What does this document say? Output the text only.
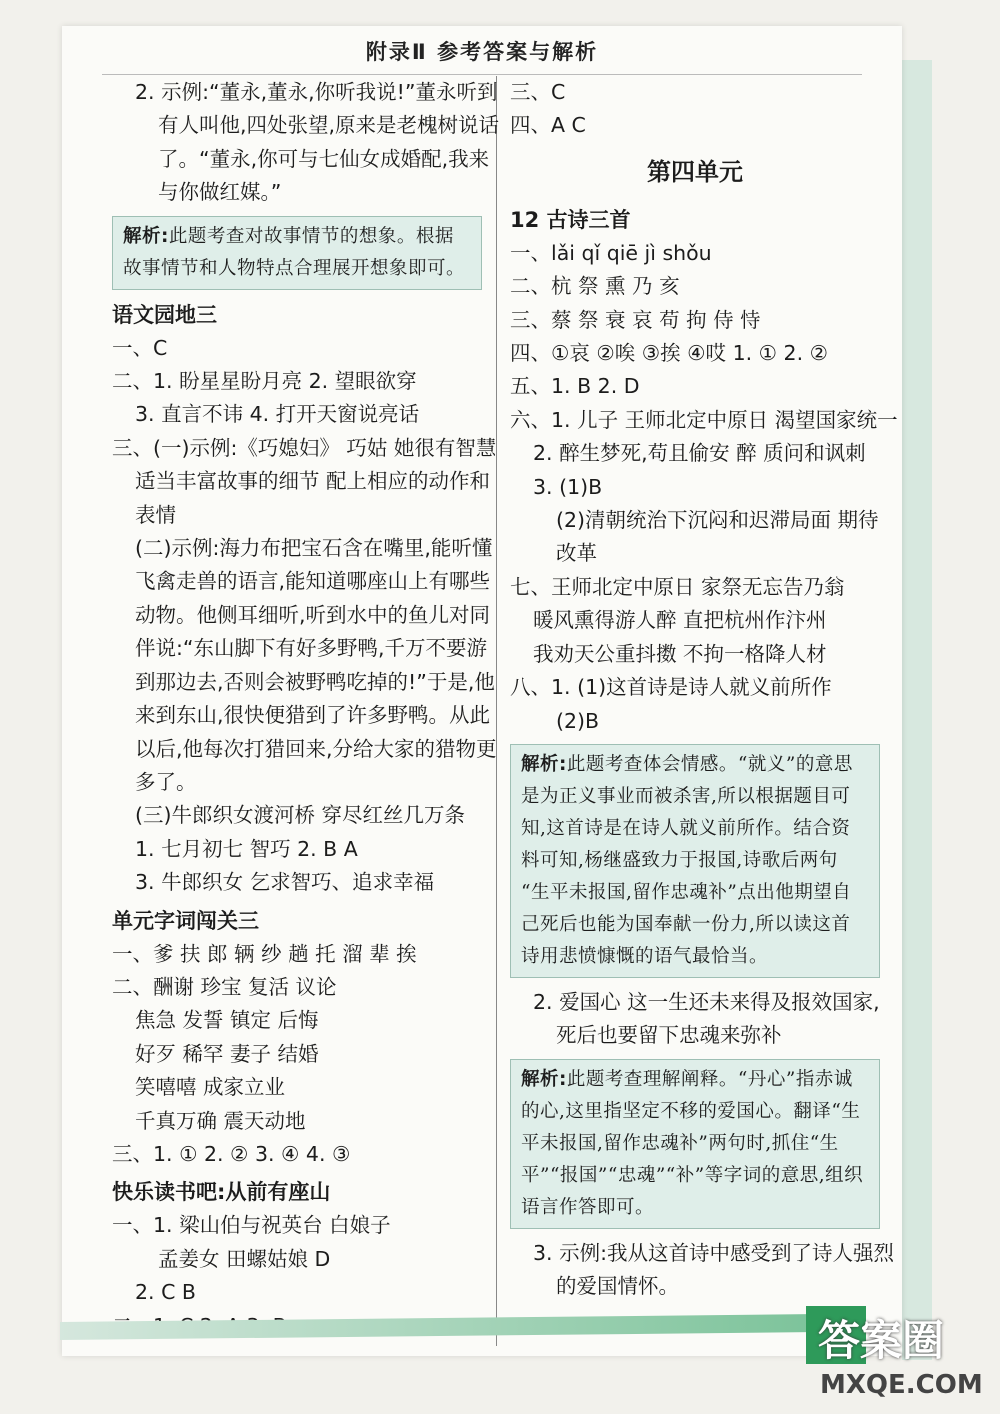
附录Ⅱ 参考答案与解析
2. 示例:“董永,董永,你听我说!”董永听到
有人叫他,四处张望,原来是老槐树说话
了。“董永,你可与七仙女成婚配,我来
与你做红媒。”
解析:此题考查对故事情节的想象。根据
故事情节和人物特点合理展开想象即可。
语文园地三
一、C
二、1. 盼星星盼月亮 2. 望眼欲穿
3. 直言不讳 4. 打开天窗说亮话
三、(一)示例:《巧媳妇》 巧姑 她很有智慧
适当丰富故事的细节 配上相应的动作和
表情
(二)示例:海力布把宝石含在嘴里,能听懂
飞禽走兽的语言,能知道哪座山上有哪些
动物。他侧耳细听,听到水中的鱼儿对同
伴说:“东山脚下有好多野鸭,千万不要游
到那边去,否则会被野鸭吃掉的!”于是,他
来到东山,很快便猎到了许多野鸭。从此
以后,他每次打猎回来,分给大家的猎物更
多了。
(三)牛郎织女渡河桥 穿尽红丝几万条
1. 七月初七 智巧 2. B A
3. 牛郎织女 乞求智巧、追求幸福
单元字词闯关三
一、爹 扶 郎 辆 纱 趟 托 溜 辈 挨
二、酬谢 珍宝 复活 议论
焦急 发誓 镇定 后悔
好歹 稀罕 妻子 结婚
笑嘻嘻 成家立业
千真万确 震天动地
三、1. ① 2. ② 3. ④ 4. ③
快乐读书吧:从前有座山
一、1. 梁山伯与祝英台 白娘子
孟姜女 田螺姑娘 D
2. C B
三、C
四、A C
第四单元
12 古诗三首
一、lǎi qǐ qiē jì shǒu
二、杭 祭 熏 乃 亥
三、蔡 祭 衰 哀 苟 拘 侍 恃
四、①哀 ②唉 ③挨 ④哎 1. ① 2. ②
五、1. B 2. D
六、1. 儿子 王师北定中原日 渴望国家统一
2. 醉生梦死,苟且偷安 醉 质问和讽刺
3. (1)B
(2)清朝统治下沉闷和迟滞局面 期待
改革
七、王师北定中原日 家祭无忘告乃翁
暖风熏得游人醉 直把杭州作汴州
我劝天公重抖擞 不拘一格降人材
八、1. (1)这首诗是诗人就义前所作
(2)B
解析:此题考查体会情感。“就义”的意思
是为正义事业而被杀害,所以根据题目可
知,这首诗是在诗人就义前所作。结合资
料可知,杨继盛致力于报国,诗歌后两句
“生平未报国,留作忠魂补”点出他期望自
己死后也能为国奉献一份力,所以读这首
诗用悲愤慷慨的语气最恰当。
2. 爱国心 这一生还未来得及报效国家,
死后也要留下忠魂来弥补
解析:此题考查理解阐释。“丹心”指赤诚
的心,这里指坚定不移的爱国心。翻译“生
平未报国,留作忠魂补”两句时,抓住“生
平”“报国”“忠魂”“补”等字词的意思,组织
语言作答即可。
3. 示例:我从这首诗中感受到了诗人强烈
的爱国情怀。
答案圈
MXQE.COM
